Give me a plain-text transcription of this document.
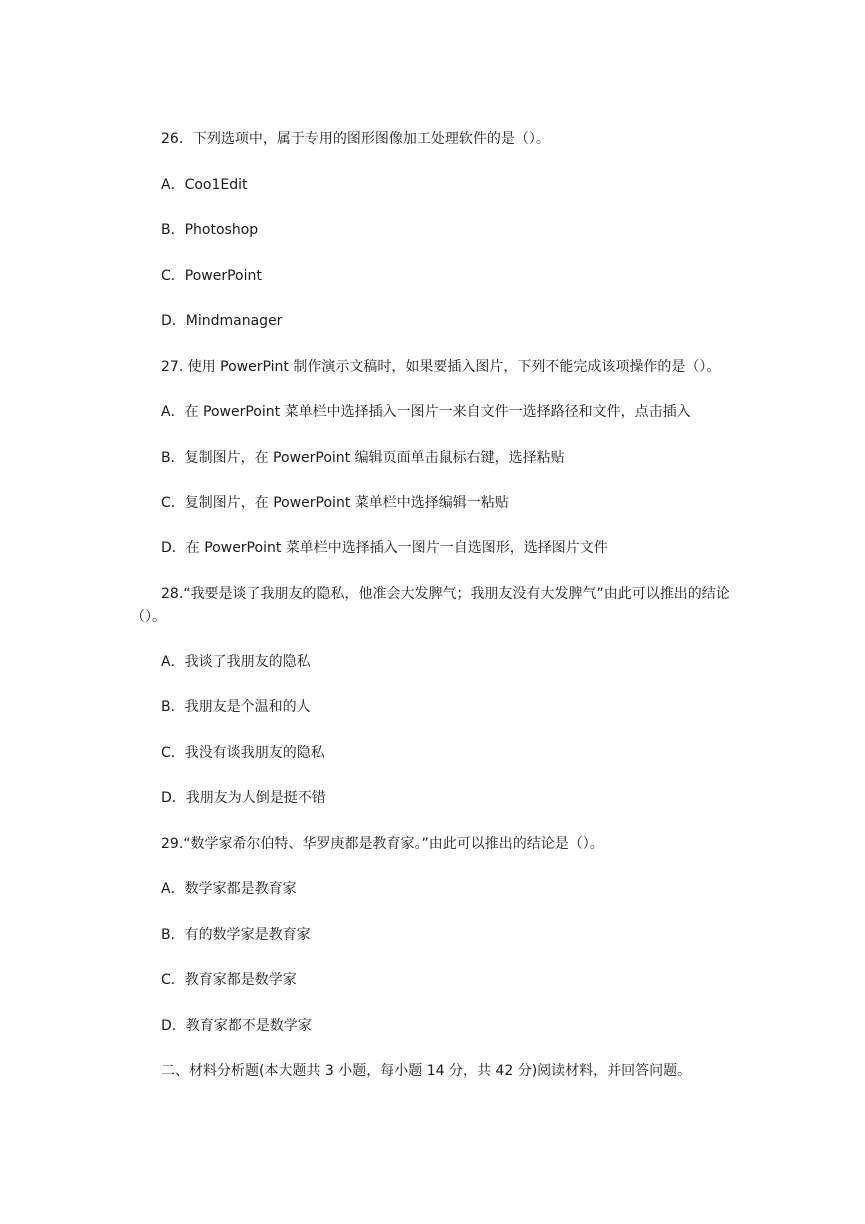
26．下列选项中，属于专用的图形图像加工处理软件的是（）。

A．Coo1Edit

B．Photoshop

C．PowerPoint

D．Mindmanager

27. 使用 PowerPint 制作演示文稿时，如果要插入图片，下列不能完成该项操作的是（）。

A．在 PowerPoint 菜单栏中选择插入一图片一来自文件一选择路径和文件，点击插入

B．复制图片，在 PowerPoint 编辑页面单击鼠标右键，选择粘贴

C．复制图片，在 PowerPoint 菜单栏中选择编辑一粘贴

D．在 PowerPoint 菜单栏中选择插入一图片一自选图形，选择图片文件

28.“我要是谈了我朋友的隐私，他准会大发脾气；我朋友没有大发脾气”由此可以推出的结论（）。

A．我谈了我朋友的隐私

B．我朋友是个温和的人

C．我没有谈我朋友的隐私

D．我朋友为人倒是挺不错

29.“数学家希尔伯特、华罗庚都是教育家。”由此可以推出的结论是（）。

A．数学家都是教育家

B．有的数学家是教育家

C．教育家都是数学家

D．教育家都不是数学家

二、材料分析题(本大题共 3 小题，每小题 14 分，共 42 分)阅读材料，并回答问题。
